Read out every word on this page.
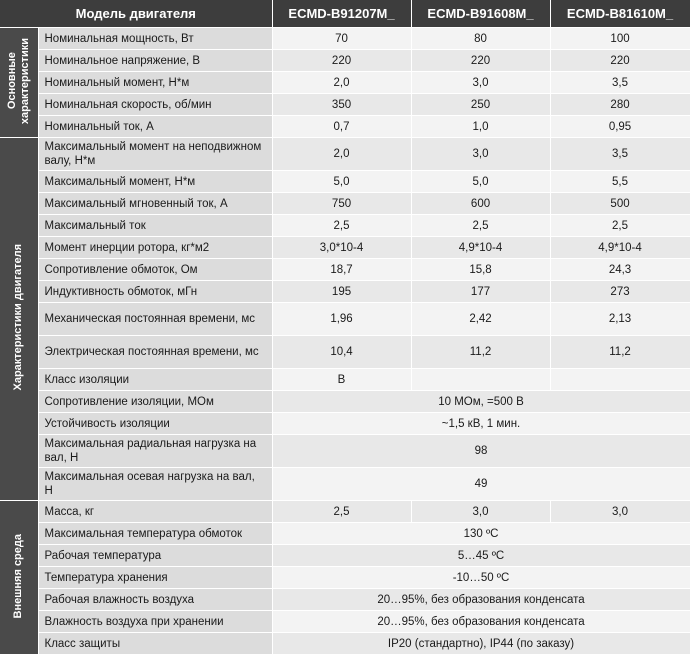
Модель двигателя		ECMD-B91207M_	ECMD-B91608M_	ECMD-B81610M_
Основные
характеристики	Номинальная мощность, Вт	70	80	100
	Номинальное напряжение, В	220	220	220
	Номинальный момент, Н*м	2,0	3,0	3,5
	Номинальная скорость, об/мин	350	250	280
	Номинальный ток, А	0,7	1,0	0,95
Характеристики двигателя	Максимальный момент на неподвижном валу, Н*м	2,0	3,0	3,5
	Максимальный момент, Н*м	5,0	5,0	5,5
	Максимальный мгновенный ток, А	750	600	500
	Максимальный ток	2,5	2,5	2,5
	Момент инерции ротора, кг*м2	3,0*10-4	4,9*10-4	4,9*10-4
	Сопротивление обмоток, Ом	18,7	15,8	24,3
	Индуктивность обмоток, мГн	195	177	273
	Механическая постоянная времени, мс	1,96	2,42	2,13
	Электрическая постоянная времени, мс	10,4	11,2	11,2
	Класс изоляции	B		
	Сопротивление изоляции, МОм	10 МОм, =500 В		
	Устойчивость изоляции	~1,5 кВ, 1 мин.		
	Максимальная радиальная нагрузка на вал, Н	98		
	Максимальная осевая нагрузка на вал, Н	49		
Внешняя среда	Масса, кг	2,5	3,0	3,0
	Максимальная температура обмоток	130 ºС		
	Рабочая температура	5…45 ºС		
	Температура хранения	-10…50 ºС		
	Рабочая влажность воздуха	20…95%, без образования конденсата		
	Влажность воздуха при хранении	20…95%, без образования конденсата		
	Класс защиты	IP20 (стандартно), IP44 (по заказу)		
